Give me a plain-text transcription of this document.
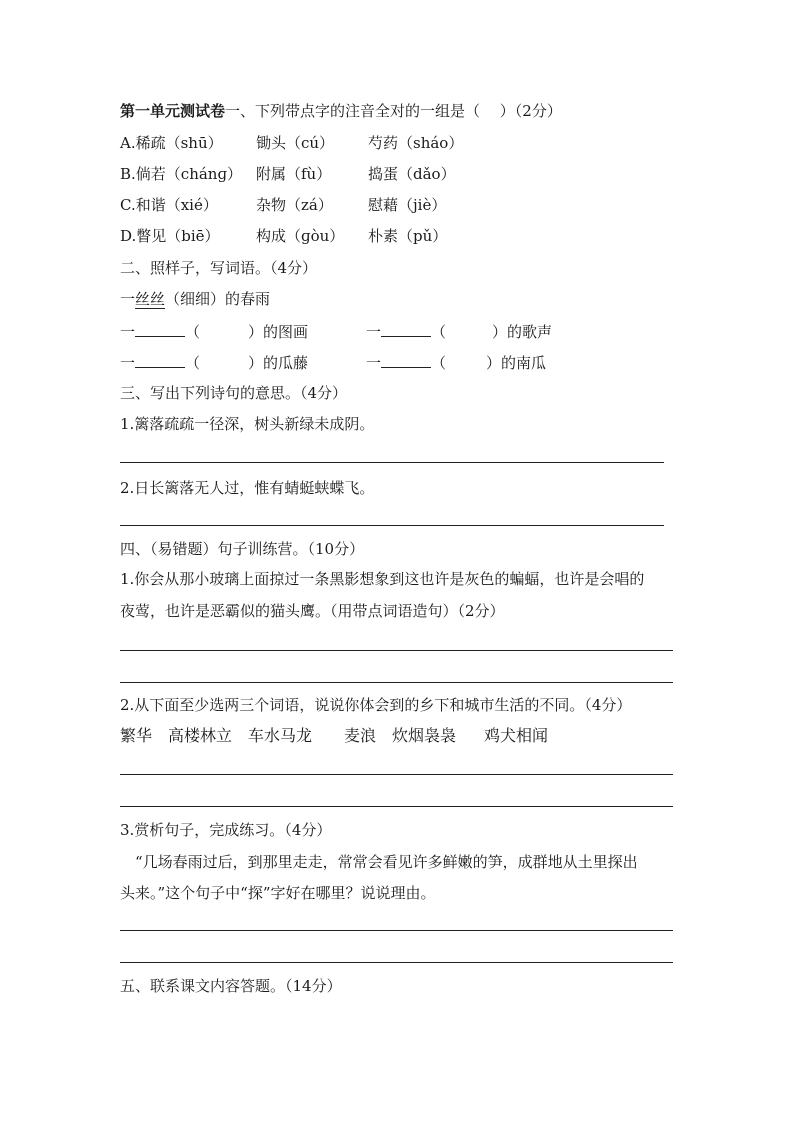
第一单元测试卷一、下列带点字的注音全对的一组是（　 ）（2分）
A.稀疏（shū） 锄头（cú） 芍药（sháo）
B.倘若（chánɡ） 附属（fù） 捣蛋（dǎo）
C.和谐（xié）	杂物（zá） 慰藉（jiè）
D.瞥见（biē） 构成（ɡòu） 朴素（pǔ）
二、照样子，写词语。（4分）
一丝丝（细细）的春雨
一	（	）的图画	一	（	）的歌声
一	（	）的瓜藤	一	（	）的南瓜
三、写出下列诗句的意思。（4分）
1.篱落疏疏一径深，树头新绿未成阴。
2.日长篱落无人过，惟有蜻蜓蛱蝶飞。
四、（易错题）句子训练营。（10分）
1.你会从那小玻璃上面掠过一条黑影想象到这也许是灰色的蝙蝠，也许是会唱的
夜莺，也许是恶霸似的猫头鹰。（用带点词语造句）（2分）
2.从下面至少选两三个词语，说说你体会到的乡下和城市生活的不同。（4分）
繁华 高楼林立 车水马龙 麦浪 炊烟袅袅 鸡犬相闻
3.赏析句子，完成练习。（4分）
“几场春雨过后，到那里走走，常常会看见许多鲜嫩的笋，成群地从土里探出
头来。”这个句子中“探”字好在哪里？说说理由。
五、联系课文内容答题。（14分）
